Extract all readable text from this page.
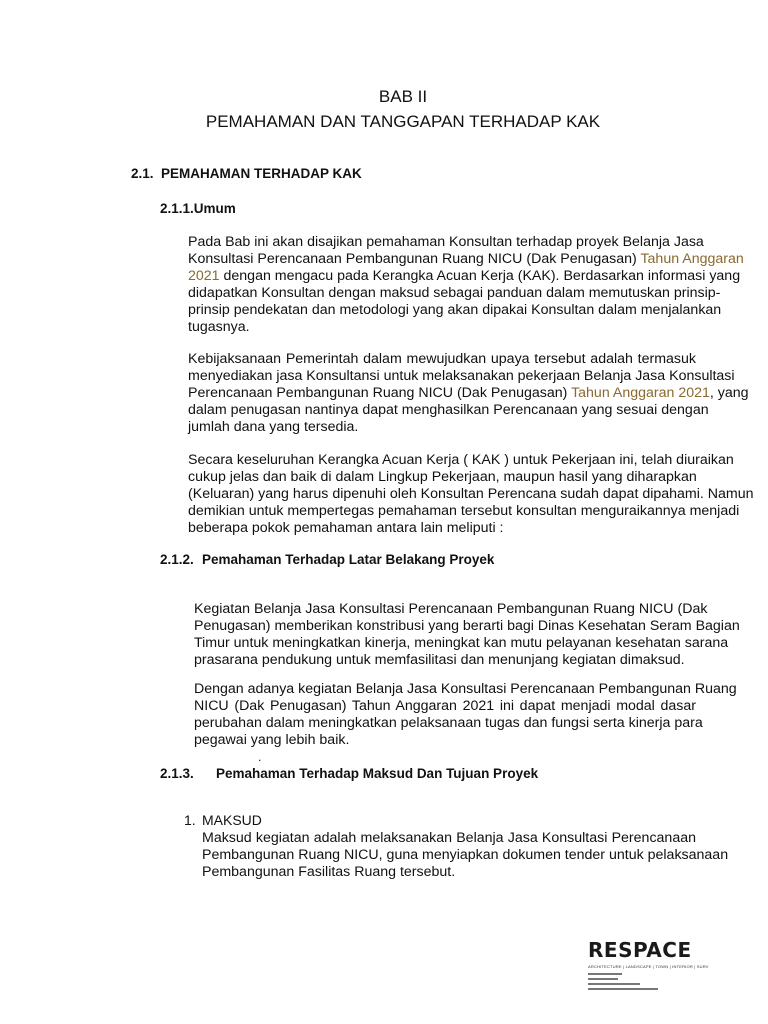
BAB II
PEMAHAMAN DAN TANGGAPAN TERHADAP KAK
2.1. PEMAHAMAN TERHADAP KAK
2.1.1.Umum
Pada Bab ini akan disajikan pemahaman Konsultan terhadap proyek Belanja Jasa
Konsultasi Perencanaan Pembangunan Ruang NICU (Dak Penugasan) Tahun Anggaran
2021 dengan mengacu pada Kerangka Acuan Kerja (KAK). Berdasarkan informasi yang
didapatkan Konsultan dengan maksud sebagai panduan dalam memutuskan prinsip-
prinsip pendekatan dan metodologi yang akan dipakai Konsultan dalam menjalankan
tugasnya.
Kebijaksanaan Pemerintah dalam mewujudkan upaya tersebut adalah termasuk
menyediakan jasa Konsultansi untuk melaksanakan pekerjaan Belanja Jasa Konsultasi
Perencanaan Pembangunan Ruang NICU (Dak Penugasan) Tahun Anggaran 2021, yang
dalam penugasan nantinya dapat menghasilkan Perencanaan yang sesuai dengan
jumlah dana yang tersedia.
Secara keseluruhan Kerangka Acuan Kerja ( KAK ) untuk Pekerjaan ini, telah diuraikan
cukup jelas dan baik di dalam Lingkup Pekerjaan, maupun hasil yang diharapkan
(Keluaran) yang harus dipenuhi oleh Konsultan Perencana sudah dapat dipahami. Namun
demikian untuk mempertegas pemahaman tersebut konsultan menguraikannya menjadi
beberapa pokok pemahaman antara lain meliputi :
2.1.2. Pemahaman Terhadap Latar Belakang Proyek
Kegiatan Belanja Jasa Konsultasi Perencanaan Pembangunan Ruang NICU (Dak
Penugasan) memberikan konstribusi yang berarti bagi Dinas Kesehatan Seram Bagian
Timur untuk meningkatkan kinerja, meningkat kan mutu pelayanan kesehatan sarana
prasarana pendukung untuk memfasilitasi dan menunjang kegiatan dimaksud.
Dengan adanya kegiatan Belanja Jasa Konsultasi Perencanaan Pembangunan Ruang
NICU (Dak Penugasan) Tahun Anggaran 2021 ini dapat menjadi modal dasar
perubahan dalam meningkatkan pelaksanaan tugas dan fungsi serta kinerja para
pegawai yang lebih baik.
.
2.1.3. Pemahaman Terhadap Maksud Dan Tujuan Proyek
1. MAKSUD
Maksud kegiatan adalah melaksanakan Belanja Jasa Konsultasi Perencanaan
Pembangunan Ruang NICU, guna menyiapkan dokumen tender untuk pelaksanaan
Pembangunan Fasilitas Ruang tersebut.
RESPACE
ARCHITECTURE | LANDSCAPE | TOWN | INTERIOR | SURV
